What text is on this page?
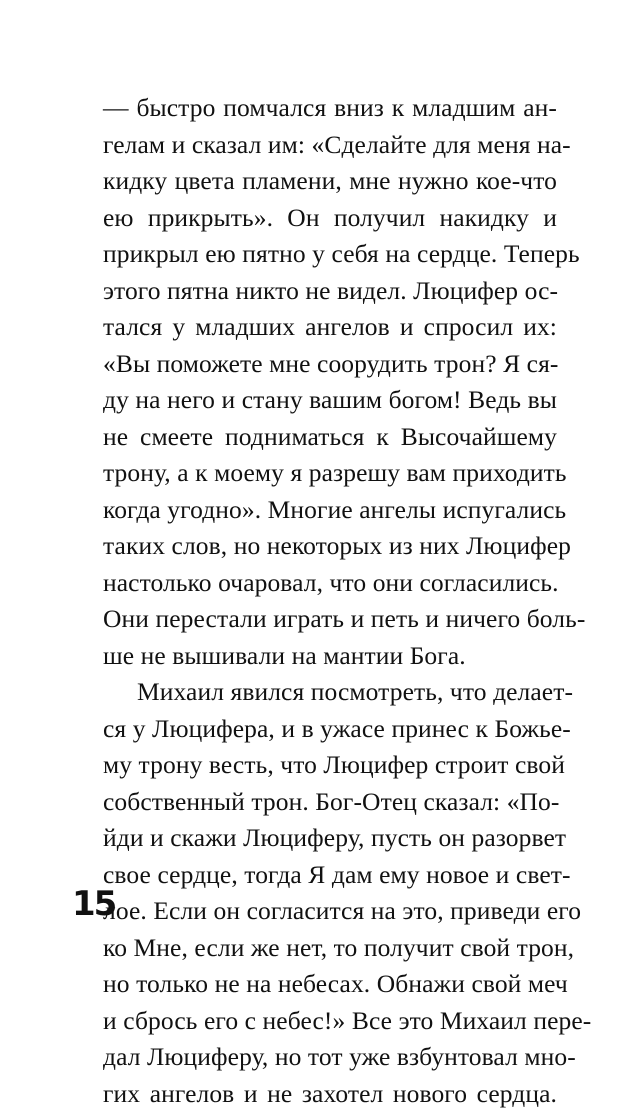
— быстро помчался вниз к младшим ан-
гелам и сказал им: «Сделайте для меня на-
кидку цвета пламени, мне нужно кое-что
ею прикрыть». Он получил накидку и
прикрыл ею пятно у себя на сердце. Теперь
этого пятна никто не видел. Люцифер ос-
тался у младших ангелов и спросил их:
«Вы поможете мне соорудить трон? Я ся-
ду на него и стану вашим богом! Ведь вы
не смеете подниматься к Высочайшему
трону, а к моему я разрешу вам приходить
когда угодно». Многие ангелы испугались
таких слов, но некоторых из них Люцифер
настолько очаровал, что они согласились.
Они перестали играть и петь и ничего боль-
ше не вышивали на мантии Бога.
Михаил явился посмотреть, что делает-
ся у Люцифера, и в ужасе принес к Божье-
му трону весть, что Люцифер строит свой
собственный трон. Бог-Отец сказал: «По-
йди и скажи Люциферу, пусть он разорвет
свое сердце, тогда Я дам ему новое и свет-
лое. Если он согласится на это, приведи его
ко Мне, если же нет, то получит свой трон,
но только не на небесах. Обнажи свой меч
и сбрось его с небес!» Все это Михаил пере-
дал Люциферу, но тот уже взбунтовал мно-
гих ангелов и не захотел нового сердца.
15
